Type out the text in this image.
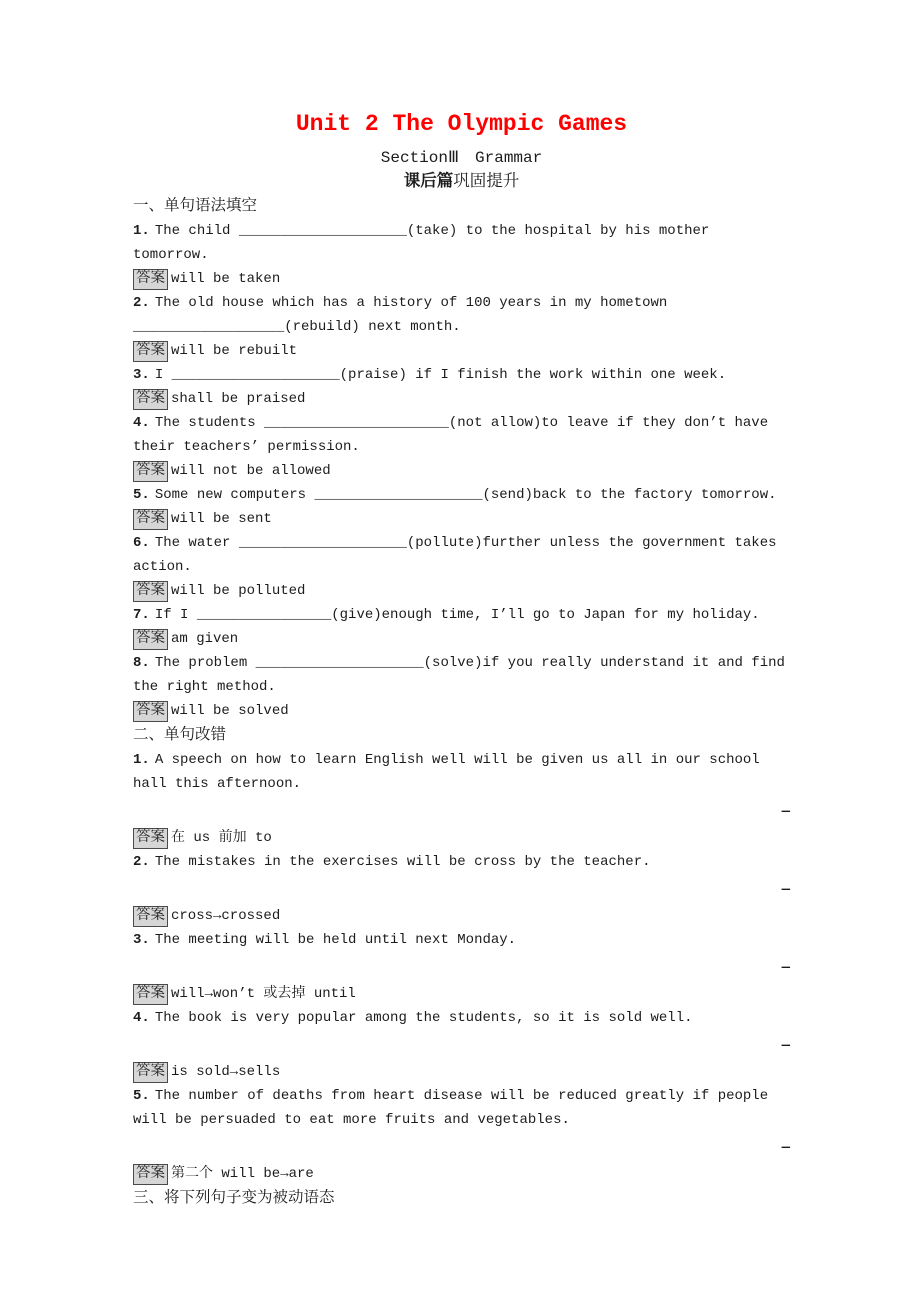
Unit 2 The Olympic Games
SectionⅢ　Grammar
课后篇巩固提升
一、单句语法填空
1. The child ____________________(take) to the hospital by his mother tomorrow.
答案 will be taken
2. The old house which has a history of 100 years in my hometown __________________(rebuild) next month.
答案 will be rebuilt
3. I ____________________(praise) if I finish the work within one week.
答案 shall be praised
4. The students ______________________(not allow)to leave if they don’t have their teachers’ permission.
答案 will not be allowed
5. Some new computers ____________________(send)back to the factory tomorrow.
答案 will be sent
6. The water ____________________(pollute)further unless the government takes action.
答案 will be polluted
7. If I ________________(give)enough time, I’ll go to Japan for my holiday.
答案 am given
8. The problem ____________________(solve)if you really understand it and find the right method.
答案 will be solved
二、单句改错
1. A speech on how to learn English well will be given us all in our school hall this afternoon.
—
答案 在 us 前加 to
2. The mistakes in the exercises will be cross by the teacher.
—
答案 cross→crossed
3. The meeting will be held until next Monday.
—
答案 will→won’t 或去掉 until
4. The book is very popular among the students, so it is sold well.
—
答案 is sold→sells
5. The number of deaths from heart disease will be reduced greatly if people will be persuaded to eat more fruits and vegetables.
—
答案 第二个 will be→are
三、将下列句子变为被动语态
